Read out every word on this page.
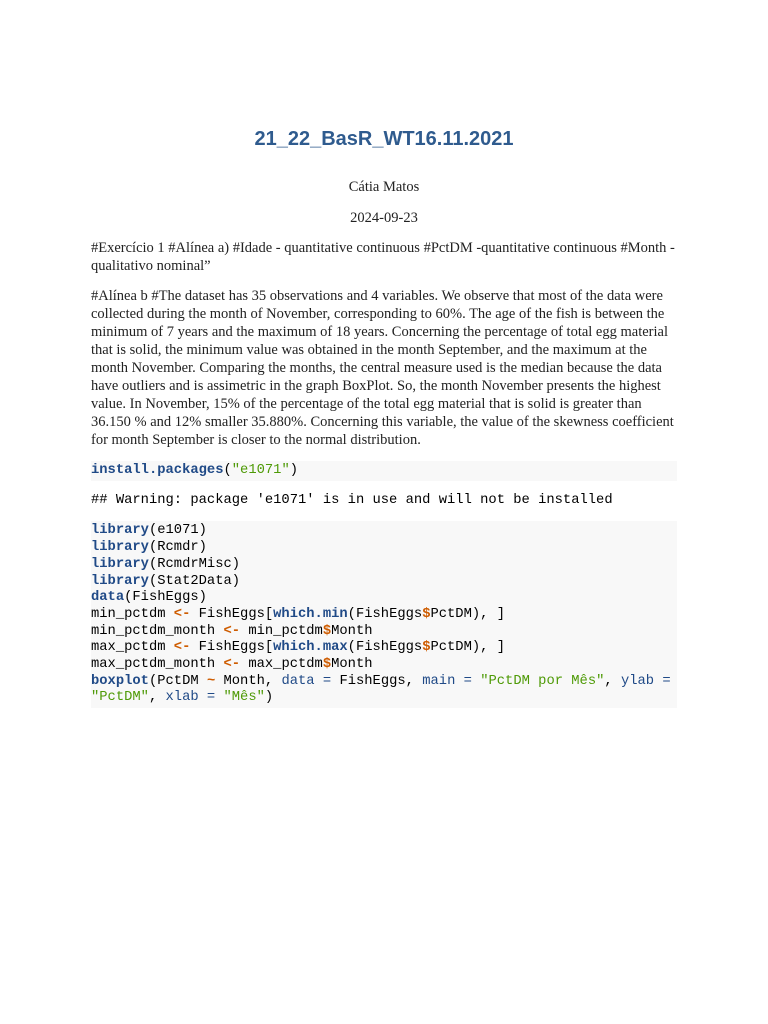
21_22_BasR_WT16.11.2021

Cátia Matos

2024-09-23

#Exercício 1 #Alínea a) #Idade - quantitative continuous #PctDM -quantitative continuous #Month - qualitativo nominal”

#Alínea b #The dataset has 35 observations and 4 variables. We observe that most of the data were collected during the month of November, corresponding to 60%. The age of the fish is between the minimum of 7 years and the maximum of 18 years. Concerning the percentage of total egg material that is solid, the minimum value was obtained in the month September, and the maximum at the month November. Comparing the months, the central measure used is the median because the data have outliers and is assimetric in the graph BoxPlot. So, the month November presents the highest value. In November, 15% of the percentage of the total egg material that is solid is greater than 36.150 % and 12% smaller 35.880%. Concerning this variable, the value of the skewness coefficient for month September is closer to the normal distribution.

install.packages("e1071")
## Warning: package 'e1071' is in use and will not be installed
library(e1071)
library(Rcmdr)
library(RcmdrMisc)
library(Stat2Data)
data(FishEggs)
min_pctdm <- FishEggs[which.min(FishEggs$PctDM), ]
min_pctdm_month <- min_pctdm$Month
max_pctdm <- FishEggs[which.max(FishEggs$PctDM), ]
max_pctdm_month <- max_pctdm$Month
boxplot(PctDM ~ Month, data = FishEggs, main = "PctDM por Mês", ylab = "PctDM", xlab = "Mês")
